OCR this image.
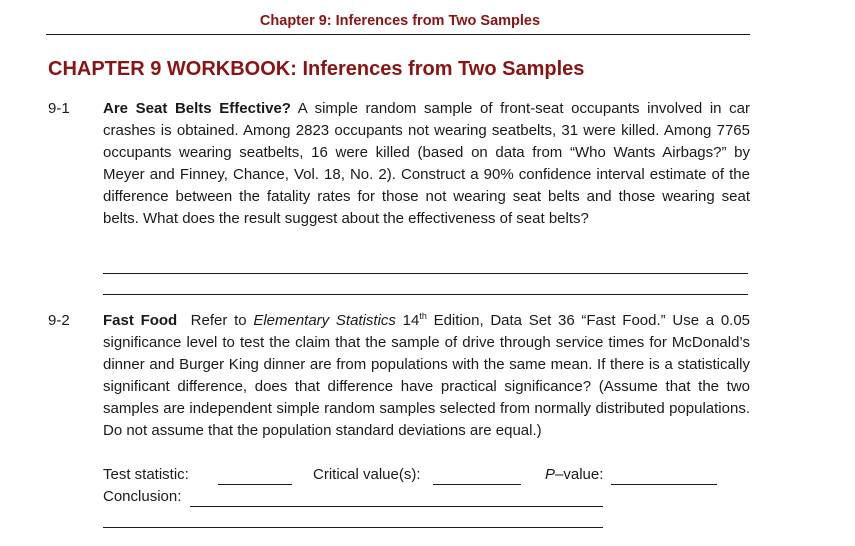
Chapter 9: Inferences from Two Samples
CHAPTER 9 WORKBOOK: Inferences from Two Samples
9-1 Are Seat Belts Effective? A simple random sample of front-seat occupants involved in car crashes is obtained. Among 2823 occupants not wearing seatbelts, 31 were killed. Among 7765 occupants wearing seatbelts, 16 were killed (based on data from “Who Wants Airbags?” by Meyer and Finney, Chance, Vol. 18, No. 2). Construct a 90% confidence interval estimate of the difference between the fatality rates for those not wearing seat belts and those wearing seat belts. What does the result suggest about the effectiveness of seat belts?

9-2 Fast Food  Refer to Elementary Statistics 14th Edition, Data Set 36 “Fast Food.” Use a 0.05 significance level to test the claim that the sample of drive through service times for McDonald’s dinner and Burger King dinner are from populations with the same mean. If there is a statistically significant difference, does that difference have practical significance? (Assume that the two samples are independent simple random samples selected from normally distributed populations. Do not assume that the population standard deviations are equal.)

Test statistic:	Critical value(s):	P–value:
Conclusion:
